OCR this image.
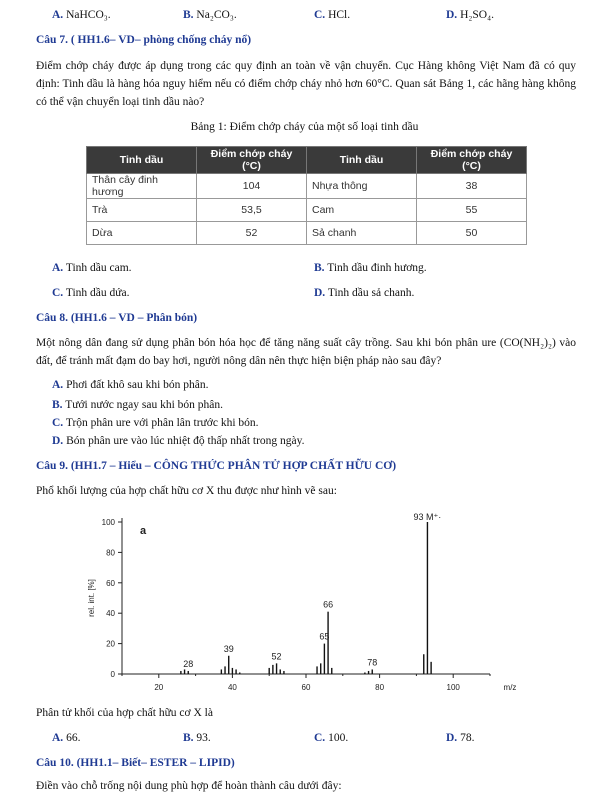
A. NaHCO₃.	B. Na₂CO₃.	C. HCl.	D. H₂SO₄.
Câu 7. ( HH1.6– VD– phòng chống cháy nổ)
Điểm chớp cháy được áp dụng trong các quy định an toàn về vận chuyển. Cục Hàng không Việt Nam đã có quy định: Tinh dầu là hàng hóa nguy hiểm nếu có điểm chớp cháy nhỏ hơn 60°C. Quan sát Bảng 1, các hãng hàng không có thể vận chuyển loại tinh dầu nào?
Bảng 1: Điểm chớp cháy của một số loại tinh dầu
Tinh dầu	Điểm chớp cháy (°C)	Tinh dầu	Điểm chớp cháy (°C)
Thân cây đinh hương	104	Nhựa thông	38
Trà	53,5	Cam	55
Dừa	52	Sả chanh	50
A. Tinh dầu cam.	B. Tinh dầu đinh hương.
C. Tinh dầu dứa.	D. Tinh dầu sả chanh.
Câu 8. (HH1.6 – VD – Phân bón)
Một nông dân đang sử dụng phân bón hóa học để tăng năng suất cây trồng. Sau khi bón phân ure (CO(NH₂)₂) vào đất, để tránh mất đạm do bay hơi, người nông dân nên thực hiện biện pháp nào sau đây?
A. Phơi đất khô sau khi bón phân.
B. Tưới nước ngay sau khi bón phân.
C. Trộn phân ure với phân lân trước khi bón.
D. Bón phân ure vào lúc nhiệt độ thấp nhất trong ngày.
Câu 9. (HH1.7 – Hiểu – CÔNG THỨC PHÂN TỬ HỢP CHẤT HỮU CƠ)
Phổ khối lượng của hợp chất hữu cơ X thu được như hình vẽ sau:
0
20
40
60
80
100
20	40	60	80	100
rel. int. [%]
m/z
a
28
39
52
65
66
78
93 M⁺·
Phân tử khối của hợp chất hữu cơ X là
A. 66.	B. 93.	C. 100.	D. 78.
Câu 10. (HH1.1– Biết– ESTER – LIPID)
Điền vào chỗ trống nội dung phù hợp để hoàn thành câu dưới đây:
